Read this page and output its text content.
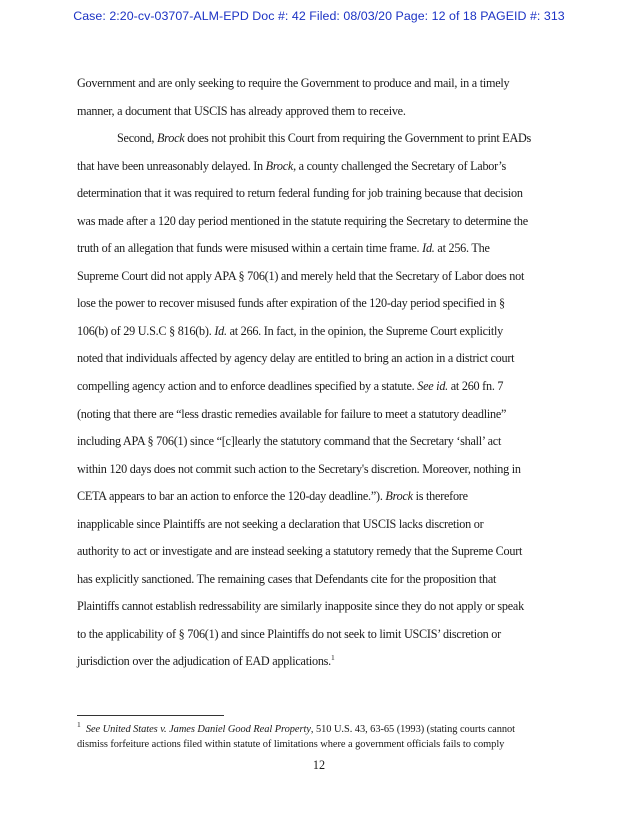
Case: 2:20-cv-03707-ALM-EPD Doc #: 42 Filed: 08/03/20 Page: 12 of 18 PAGEID #: 313
Government and are only seeking to require the Government to produce and mail, in a timely
manner, a document that USCIS has already approved them to receive.
Second, Brock does not prohibit this Court from requiring the Government to print EADs
that have been unreasonably delayed. In Brock, a county challenged the Secretary of Labor’s
determination that it was required to return federal funding for job training because that decision
was made after a 120 day period mentioned in the statute requiring the Secretary to determine the
truth of an allegation that funds were misused within a certain time frame. Id. at 256. The
Supreme Court did not apply APA § 706(1) and merely held that the Secretary of Labor does not
lose the power to recover misused funds after expiration of the 120-day period specified in §
106(b) of 29 U.S.C § 816(b). Id. at 266. In fact, in the opinion, the Supreme Court explicitly
noted that individuals affected by agency delay are entitled to bring an action in a district court
compelling agency action and to enforce deadlines specified by a statute. See id. at 260 fn. 7
(noting that there are “less drastic remedies available for failure to meet a statutory deadline”
including APA § 706(1) since “[c]learly the statutory command that the Secretary ‘shall’ act
within 120 days does not commit such action to the Secretary's discretion. Moreover, nothing in
CETA appears to bar an action to enforce the 120-day deadline.”). Brock is therefore
inapplicable since Plaintiffs are not seeking a declaration that USCIS lacks discretion or
authority to act or investigate and are instead seeking a statutory remedy that the Supreme Court
has explicitly sanctioned. The remaining cases that Defendants cite for the proposition that
Plaintiffs cannot establish redressability are similarly inapposite since they do not apply or speak
to the applicability of § 706(1) and since Plaintiffs do not seek to limit USCIS’ discretion or
jurisdiction over the adjudication of EAD applications.$^1$
$^1$ See United States v. James Daniel Good Real Property, 510 U.S. 43, 63-65 (1993) (stating courts cannot
dismiss forfeiture actions filed within statute of limitations where a government officials fails to comply
12
